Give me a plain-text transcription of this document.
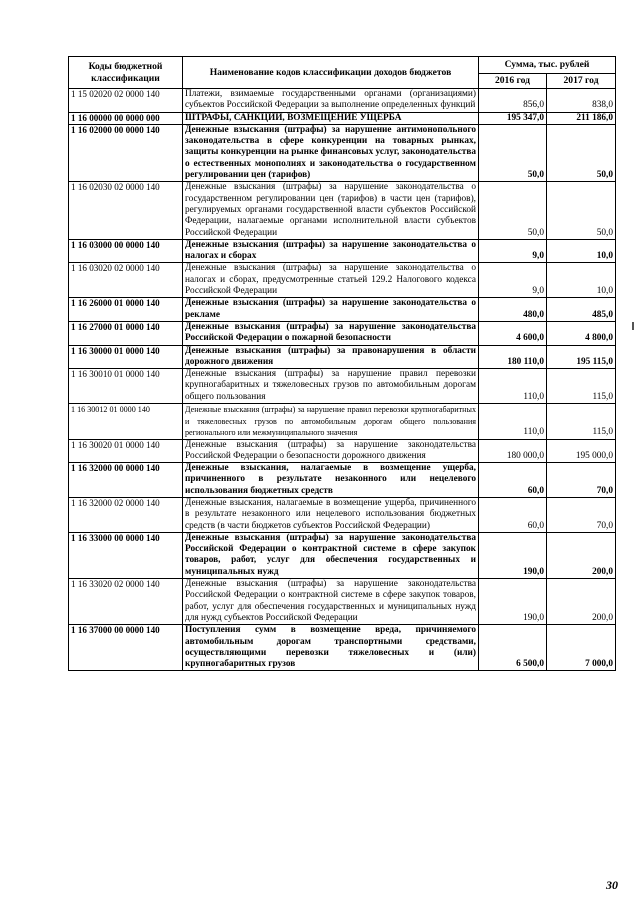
Коды бюджетной классификации	Наименование кодов классификации доходов бюджетов	Сумма, тыс. рублей	
		2016 год	2017 год
1 15 02020 02 0000 140	Платежи, взимаемые государственными органами (организациями) субъектов Российской Федерации за выполнение определенных функций	856,0	838,0
1 16 00000 00 0000 000	ШТРАФЫ, САНКЦИИ, ВОЗМЕЩЕНИЕ УЩЕРБА	195 347,0	211 186,0
1 16 02000 00 0000 140	Денежные взыскания (штрафы) за нарушение антимонопольного законодательства в сфере конкуренции на товарных рынках, защиты конкуренции на рынке финансовых услуг, законодательства о естественных монополиях и законодательства о государственном регулировании цен (тарифов)	50,0	50,0
1 16 02030 02 0000 140	Денежные взыскания (штрафы) за нарушение законодательства о государственном регулировании цен (тарифов) в части цен (тарифов), регулируемых органами государственной власти субъектов Российской Федерации, налагаемые органами исполнительной власти субъектов Российской Федерации	50,0	50,0
1 16 03000 00 0000 140	Денежные взыскания (штрафы) за нарушение законодательства о налогах и сборах	9,0	10,0
1 16 03020 02 0000 140	Денежные взыскания (штрафы) за нарушение законодательства о налогах и сборах, предусмотренные статьей 129.2 Налогового кодекса Российской Федерации	9,0	10,0
1 16 26000 01 0000 140	Денежные взыскания (штрафы) за нарушение законодательства о рекламе	480,0	485,0
1 16 27000 01 0000 140	Денежные взыскания (штрафы) за нарушение законодательства Российской Федерации о пожарной безопасности	4 600,0	4 800,0
1 16 30000 01 0000 140	Денежные взыскания (штрафы) за правонарушения в области дорожного движения	180 110,0	195 115,0
1 16 30010 01 0000 140	Денежные взыскания (штрафы) за нарушение правил перевозки крупногабаритных и тяжеловесных грузов по автомобильным дорогам общего пользования	110,0	115,0
1 16 30012 01 0000 140	Денежные взыскания (штрафы) за нарушение правил перевозки крупногабаритных и тяжеловесных грузов по автомобильным дорогам общего пользования регионального или межмуниципального значения	110,0	115,0
1 16 30020 01 0000 140	Денежные взыскания (штрафы) за нарушение законодательства Российской Федерации о безопасности дорожного движения	180 000,0	195 000,0
1 16 32000 00 0000 140	Денежные взыскания, налагаемые в возмещение ущерба, причиненного в результате незаконного или нецелевого использования бюджетных средств	60,0	70,0
1 16 32000 02 0000 140	Денежные взыскания, налагаемые в возмещение ущерба, причиненного в результате незаконного или нецелевого использования бюджетных средств (в части бюджетов субъектов Российской Федерации)	60,0	70,0
1 16 33000 00 0000 140	Денежные взыскания (штрафы) за нарушение законодательства Российской Федерации о контрактной системе в сфере закупок товаров, работ, услуг для обеспечения государственных и муниципальных нужд	190,0	200,0
1 16 33020 02 0000 140	Денежные взыскания (штрафы) за нарушение законодательства Российской Федерации о контрактной системе в сфере закупок товаров, работ, услуг для обеспечения государственных и муниципальных нужд для нужд субъектов Российской Федерации	190,0	200,0
1 16 37000 00 0000 140	Поступления сумм в возмещение вреда, причиняемого автомобильным дорогам транспортными средствами, осуществляющими перевозки тяжеловесных и (или) крупногабаритных грузов	6 500,0	7 000,0
30
